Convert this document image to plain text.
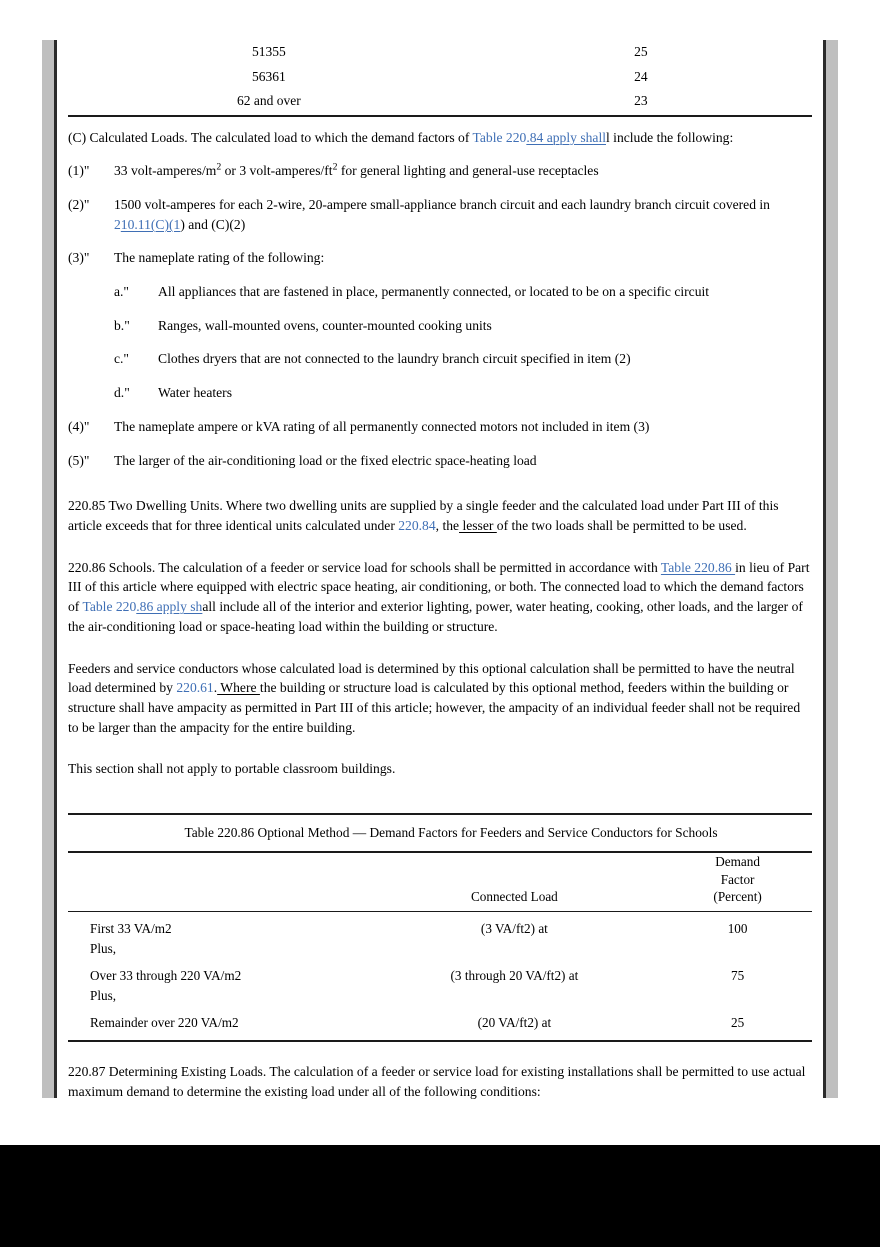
51355	25
56361	24
62 and over	23

(C) Calculated Loads. The calculated load to which the demand factors of Table 220.84 apply shalll include the following:

(1)"	33 volt-$amperes/m^2$ or 3 volt-$amperes/ft^2$ for general lighting and general-use receptacles
(2)"	1500 volt-amperes for each 2-wire, 20-ampere small-appliance branch circuit and each laundry branch circuit covered in 210.11(C)(1) and (C)(2)
(3)"	The nameplate rating of the following:
a."	All appliances that are fastened in place, permanently connected, or located to be on a specific circuit
b."	Ranges, wall-mounted ovens, counter-mounted cooking units
c."	Clothes dryers that are not connected to the laundry branch circuit specified in item (2)
d."	Water heaters
(4)"	The nameplate ampere or kVA rating of all permanently connected motors not included in item (3)
(5)"	The larger of the air-conditioning load or the fixed electric space-heating load

220.85 Two Dwelling Units. Where two dwelling units are supplied by a single feeder and the calculated load under Part III of this article exceeds that for three identical units calculated under 220.84, the lesser of the two loads shall be permitted to be used.

220.86 Schools. The calculation of a feeder or service load for schools shall be permitted in accordance with Table 220.86 in lieu of Part III of this article where equipped with electric space heating, air conditioning, or both. The connected load to which the demand factors of Table 220.86 apply shall include all of the interior and exterior lighting, power, water heating, cooking, other loads, and the larger of the air-conditioning load or space-heating load within the building or structure.

Feeders and service conductors whose calculated load is determined by this optional calculation shall be permitted to have the neutral load determined by 220.61. Where the building or structure load is calculated by this optional method, feeders within the building or structure shall have ampacity as permitted in Part III of this article; however, the ampacity of an individual feeder shall not be required to be larger than the ampacity for the entire building.

This section shall not apply to portable classroom buildings.

Table 220.86 Optional Method — Demand Factors for Feeders and Service Conductors for Schools
	Connected Load	
Demand
Factor
(Percent)
First 33 VA/m2	(3 VA/ft2) at	100
Plus,		
Over 33 through 220 VA/m2	(3 through 20 VA/ft2) at	75
Plus,		
Remainder over 220 VA/m2	(20 VA/ft2) at	25

220.87 Determining Existing Loads. The calculation of a feeder or service load for existing installations shall be permitted to use actual maximum demand to determine the existing load under all of the following conditions:
